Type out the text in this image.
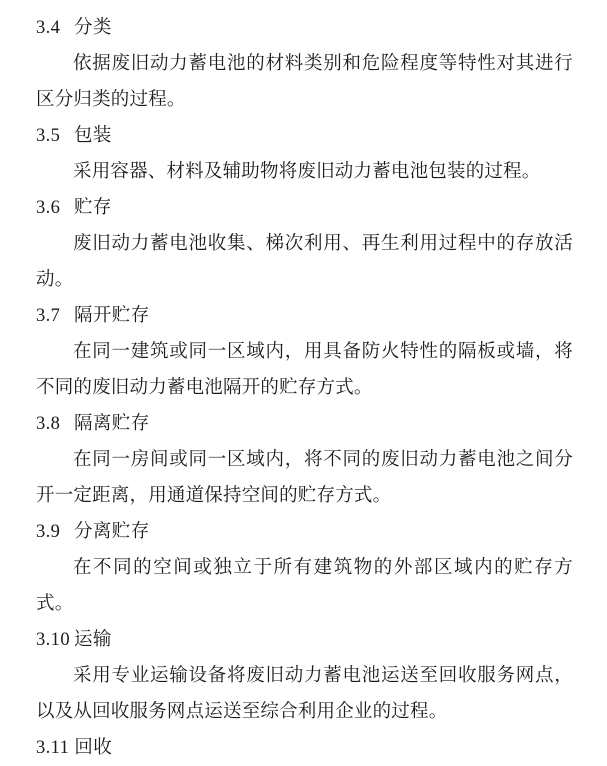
3.4 分类

依据废旧动力蓄电池的材料类别和危险程度等特性对其进行区分归类的过程。

3.5 包装

采用容器、材料及辅助物将废旧动力蓄电池包装的过程。

3.6 贮存

废旧动力蓄电池收集、梯次利用、再生利用过程中的存放活动。

3.7 隔开贮存

在同一建筑或同一区域内，用具备防火特性的隔板或墙，将不同的废旧动力蓄电池隔开的贮存方式。

3.8 隔离贮存

在同一房间或同一区域内，将不同的废旧动力蓄电池之间分开一定距离，用通道保持空间的贮存方式。

3.9 分离贮存

在不同的空间或独立于所有建筑物的外部区域内的贮存方式。

3.10 运输

采用专业运输设备将废旧动力蓄电池运送至回收服务网点，以及从回收服务网点运送至综合利用企业的过程。

3.11 回收
